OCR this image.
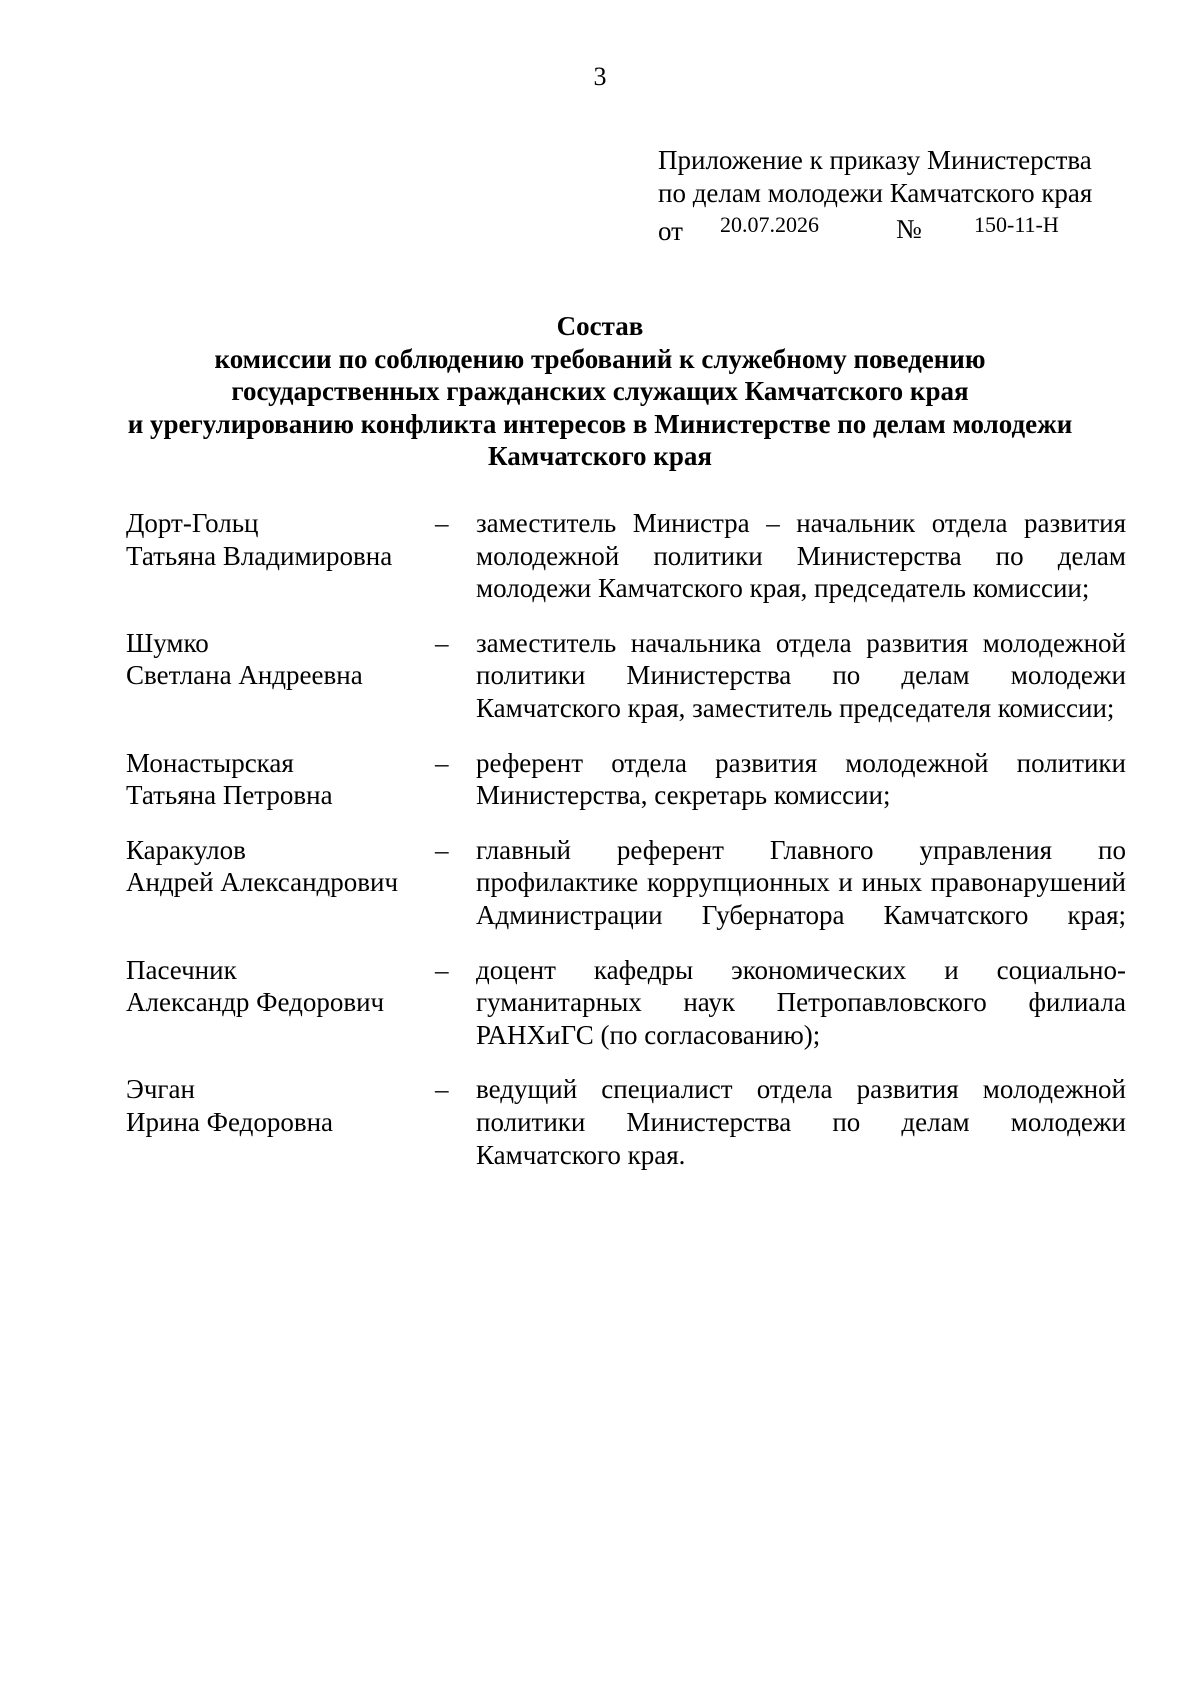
3
Приложение к приказу Министерства
по делам молодежи Камчатского края
от 20.07.2026	№ 150-11-Н
Состав
комиссии по соблюдению требований к служебному поведению
государственных гражданских служащих Камчатского края
и урегулированию конфликта интересов в Министерстве по делам молодежи
Камчатского края
Дорт-Гольц
Татьяна Владимировна
– заместитель Министра – начальник отдела развития молодежной политики Министерства по делам молодежи Камчатского края, председатель комиссии;
Шумко
Светлана Андреевна
– заместитель начальника отдела развития молодежной политики Министерства по делам молодежи Камчатского края, заместитель председателя комиссии;
Монастырская
Татьяна Петровна
– референт отдела развития молодежной политики Министерства, секретарь комиссии;
Каракулов
Андрей Александрович
– главный референт Главного управления по профилактике коррупционных и иных правонарушений Администрации Губернатора Камчатского края;
Пасечник
Александр Федорович
– доцент кафедры экономических и социально-гуманитарных наук Петропавловского филиала РАНХиГС (по согласованию);
Эчган
Ирина Федоровна
– ведущий специалист отдела развития молодежной политики Министерства по делам молодежи Камчатского края.
